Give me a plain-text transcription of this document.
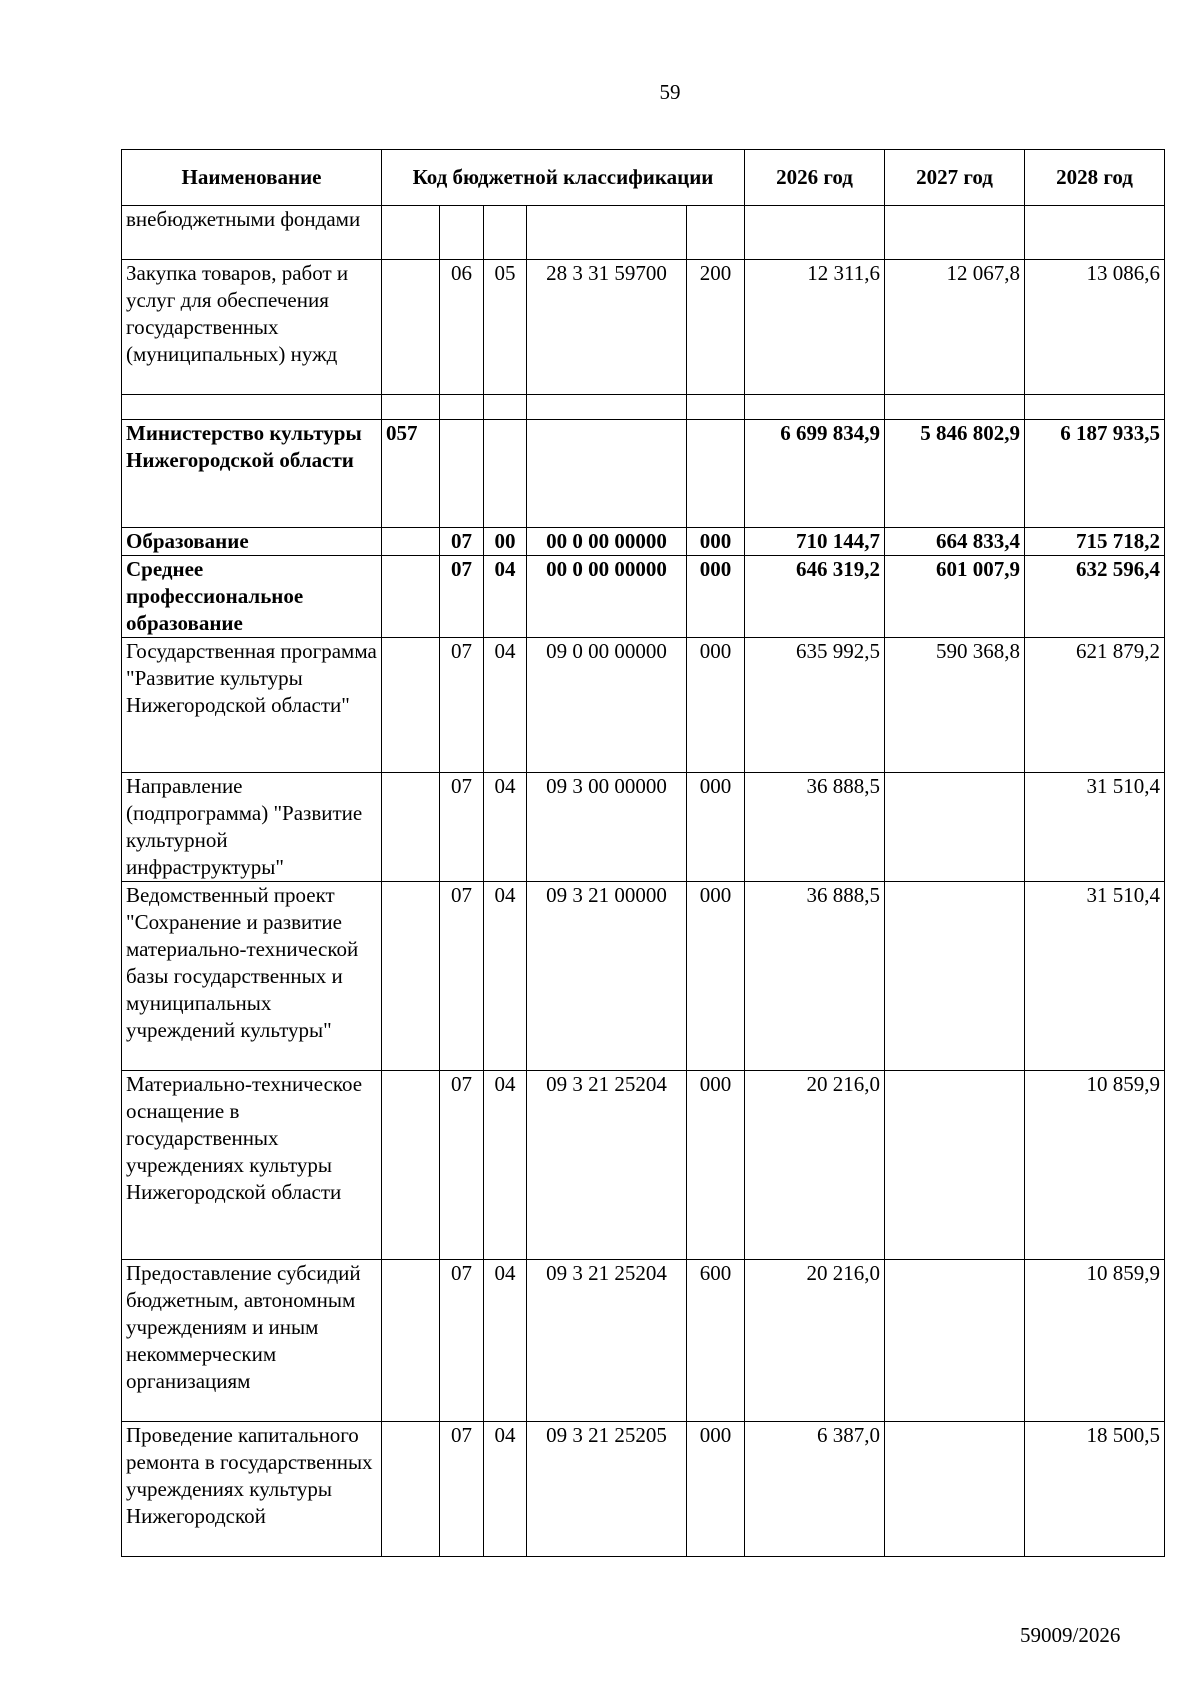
59
Наименование	Код бюджетной классификации					2026 год	2027 год	2028 год
внебюджетными фондами								
Закупка товаров, работ и услуг для обеспечения государственных (муниципальных) нужд		06	05	28 3 31 59700	200	12 311,6	12 067,8	13 086,6

Министерство культуры Нижегородской области	057					6 699 834,9	5 846 802,9	6 187 933,5
Образование		07	00	00 0 00 00000	000	710 144,7	664 833,4	715 718,2
Среднее профессиональное образование		07	04	00 0 00 00000	000	646 319,2	601 007,9	632 596,4
Государственная программа "Развитие культуры Нижегородской области"		07	04	09 0 00 00000	000	635 992,5	590 368,8	621 879,2
Направление (подпрограмма) "Развитие культурной инфраструктуры"		07	04	09 3 00 00000	000	36 888,5		31 510,4
Ведомственный проект "Сохранение и развитие материально-технической базы государственных и муниципальных учреждений культуры"		07	04	09 3 21 00000	000	36 888,5		31 510,4
Материально-техническое оснащение в государственных учреждениях культуры Нижегородской области		07	04	09 3 21 25204	000	20 216,0		10 859,9
Предоставление субсидий бюджетным, автономным учреждениям и иным некоммерческим организациям		07	04	09 3 21 25204	600	20 216,0		10 859,9
Проведение капитального ремонта в государственных учреждениях культуры Нижегородской		07	04	09 3 21 25205	000	6 387,0		18 500,5
59009/2026
